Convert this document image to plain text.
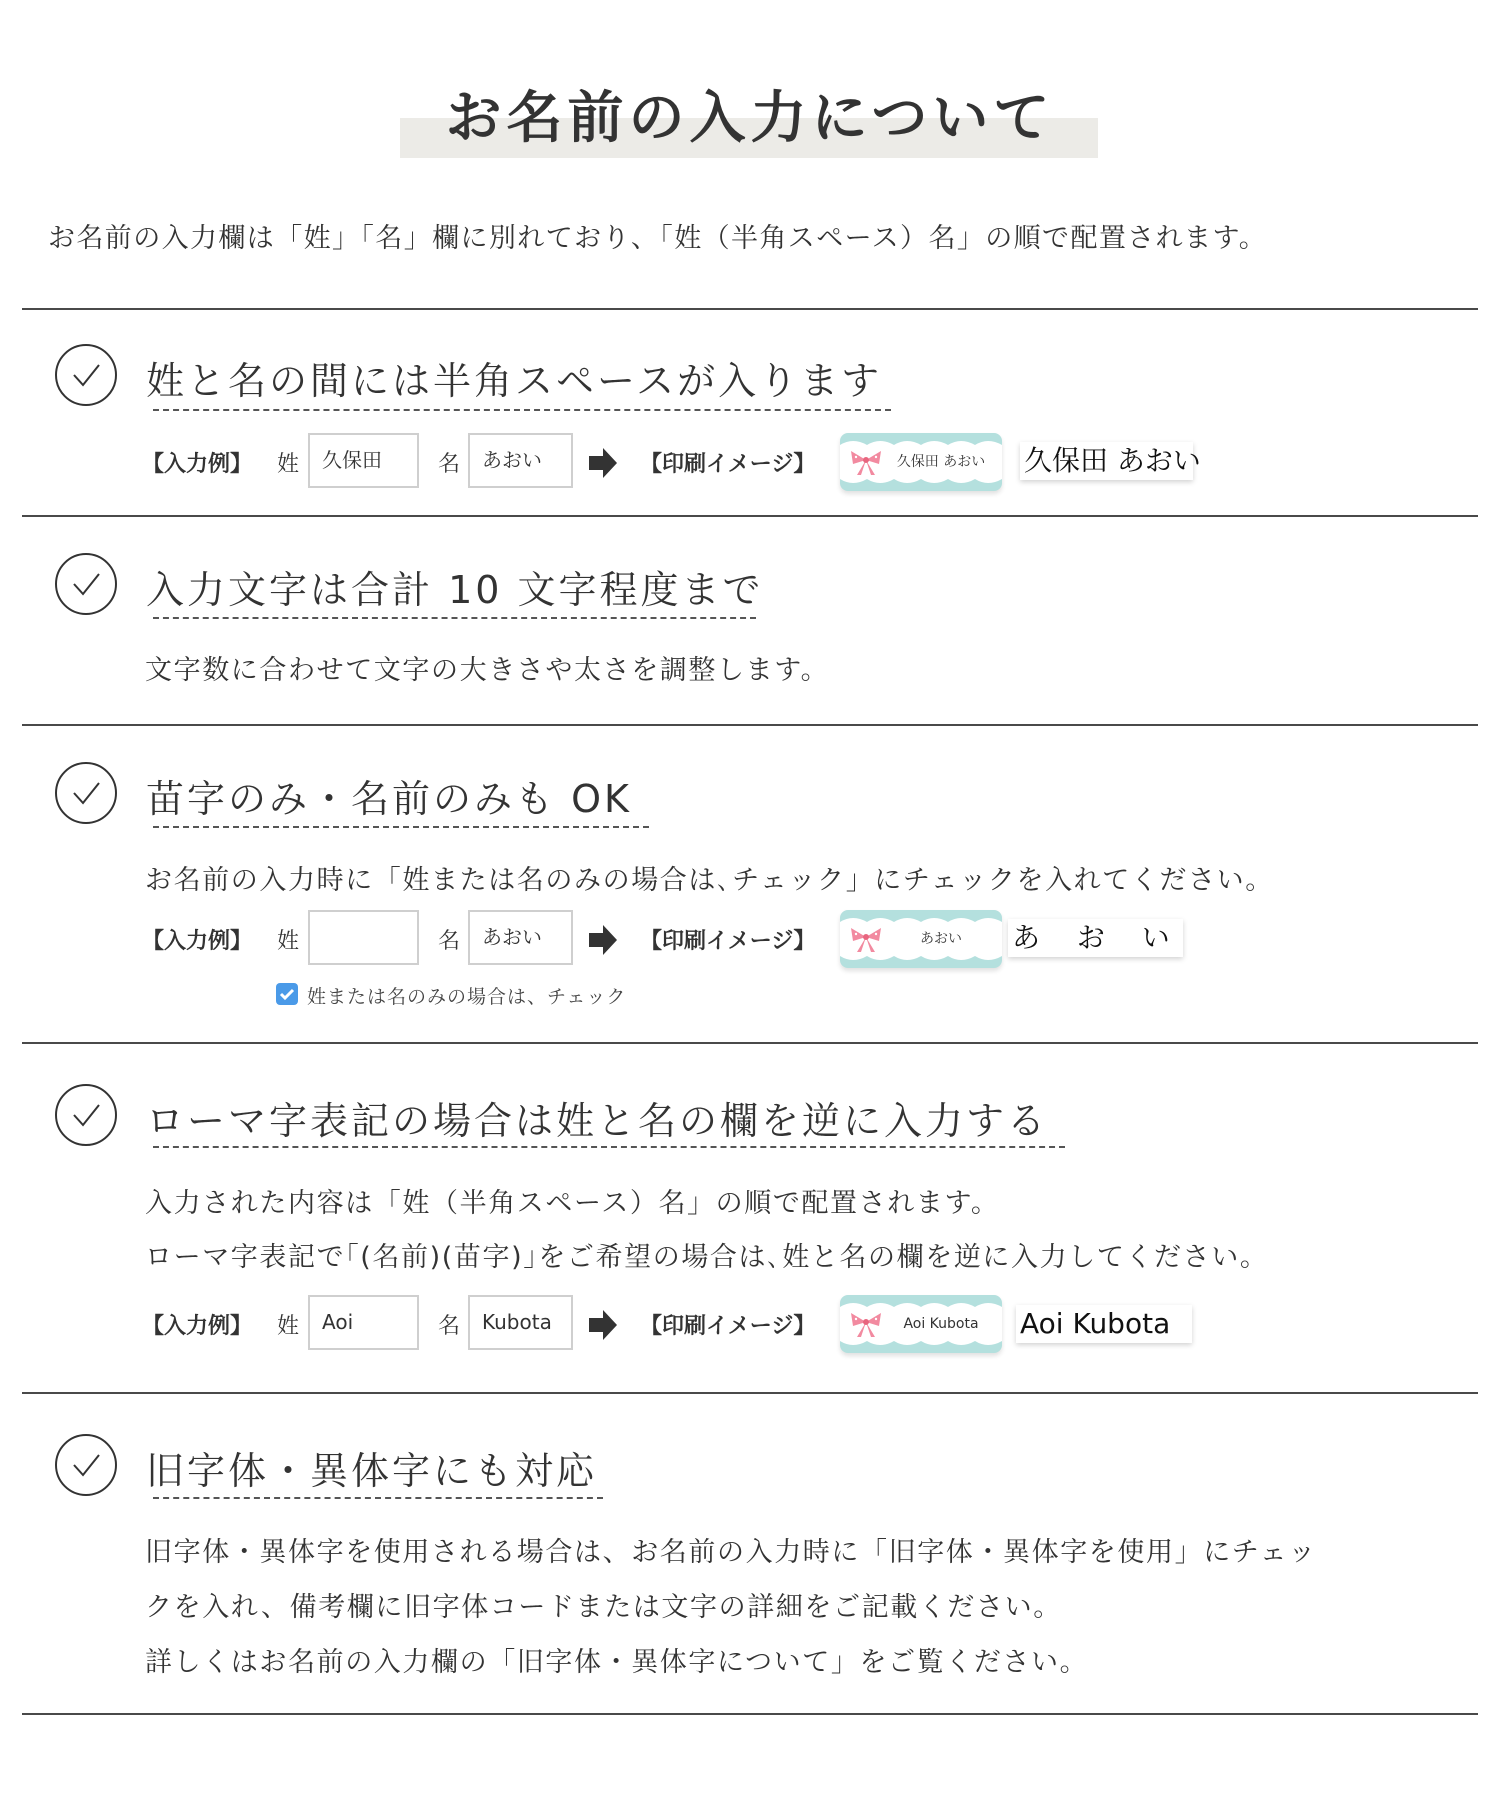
お名前の入力について
お名前の入力欄は「姓」「名」欄に別れており、「姓（半角スペース）名」の順で配置されます。
姓と名の間には半角スペースが入ります
【入力例】 姓	久保田	名	あおい	【印刷イメージ】	久保田 あおい	久保田 あおい
入力文字は合計 10 文字程度まで
文字数に合わせて文字の大きさや太さを調整します。
苗字のみ・名前のみも OK
お名前の入力時に「姓または名のみの場合は､チェック」にチェックを入れてください。
【入力例】 姓	名	あおい	【印刷イメージ】	あおい	あ　 お　 い
姓または名のみの場合は、チェック
ローマ字表記の場合は姓と名の欄を逆に入力する
入力された内容は「姓（半角スペース）名」の順で配置されます。
ローマ字表記で｢(名前)(苗字)｣をご希望の場合は､姓と名の欄を逆に入力してください。
【入力例】 姓	Aoi	名	Kubota	【印刷イメージ】	Aoi Kubota	Aoi Kubota
旧字体・異体字にも対応
旧字体・異体字を使用される場合は、お名前の入力時に「旧字体・異体字を使用」にチェッ
クを入れ、備考欄に旧字体コードまたは文字の詳細をご記載ください。
詳しくはお名前の入力欄の「旧字体・異体字について」をご覧ください。
